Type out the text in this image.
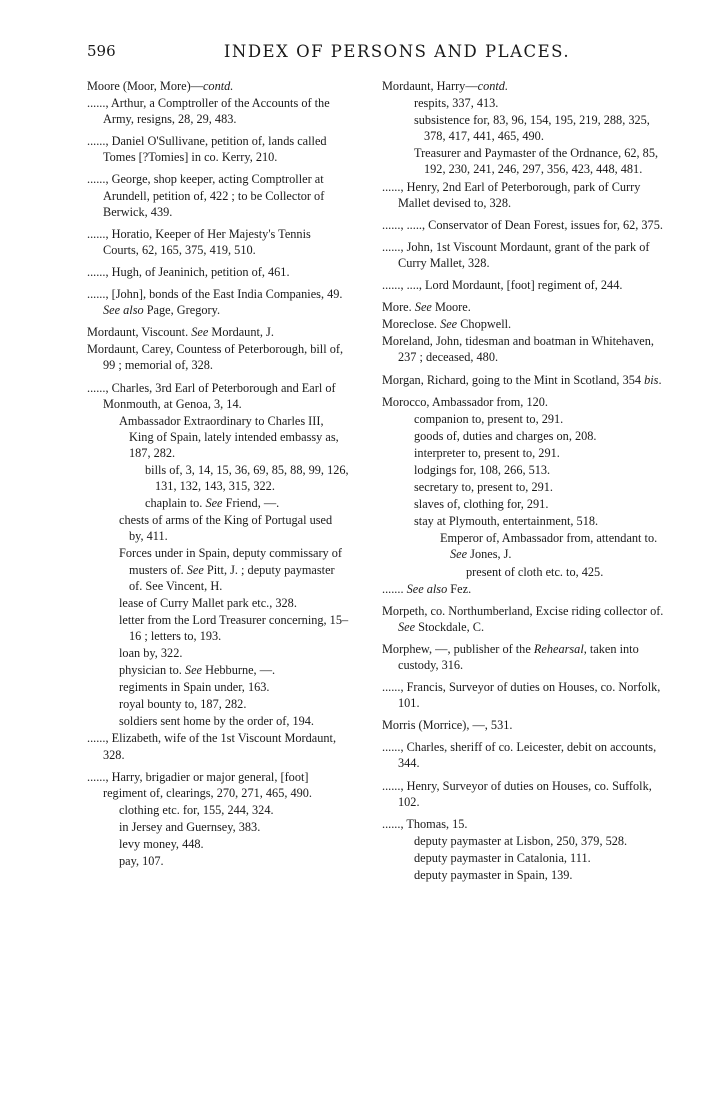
596	INDEX OF PERSONS AND PLACES.
Moore (Moor, More)—contd.
......, Arthur, a Comptroller of the Accounts of the Army, resigns, 28, 29, 483.
......, Daniel O'Sullivane, petition of, lands called Tomes [?Tomies] in co. Kerry, 210.
......, George, shop keeper, acting Comptroller at Arundell, petition of, 422 ; to be Collector of Berwick, 439.
......, Horatio, Keeper of Her Majesty's Tennis Courts, 62, 165, 375, 419, 510.
......, Hugh, of Jeaninich, petition of, 461.
......, [John], bonds of the East India Companies, 49. See also Page, Gregory.
Mordaunt, Viscount. See Mordaunt, J.
Mordaunt, Carey, Countess of Peterborough, bill of, 99 ; memorial of, 328.
......, Charles, 3rd Earl of Peterborough and Earl of Monmouth, at Genoa, 3, 14.
Ambassador Extraordinary to Charles III, King of Spain, lately intended embassy as, 187, 282.
bills of, 3, 14, 15, 36, 69, 85, 88, 99, 126, 131, 132, 143, 315, 322.
chaplain to. See Friend, —.
chests of arms of the King of Portugal used by, 411.
Forces under in Spain, deputy commissary of musters of. See Pitt, J. ; deputy paymaster of. See Vincent, H.
lease of Curry Mallet park etc., 328.
letter from the Lord Treasurer concerning, 15–16 ; letters to, 193.
loan by, 322.
physician to. See Hebburne, —.
regiments in Spain under, 163.
royal bounty to, 187, 282.
soldiers sent home by the order of, 194.
......, Elizabeth, wife of the 1st Viscount Mordaunt, 328.
......, Harry, brigadier or major general, [foot] regiment of, clearings, 270, 271, 465, 490.
clothing etc. for, 155, 244, 324.
in Jersey and Guernsey, 383.
levy money, 448.
pay, 107.
Mordaunt, Harry—contd.
respits, 337, 413.
subsistence for, 83, 96, 154, 195, 219, 288, 325, 378, 417, 441, 465, 490.
Treasurer and Paymaster of the Ordnance, 62, 85, 192, 230, 241, 246, 297, 356, 423, 448, 481.
......, Henry, 2nd Earl of Peterborough, park of Curry Mallet devised to, 328.
......, ....., Conservator of Dean Forest, issues for, 62, 375.
......, John, 1st Viscount Mordaunt, grant of the park of Curry Mallet, 328.
......, ...., Lord Mordaunt, [foot] regiment of, 244.
More. See Moore.
Moreclose. See Chopwell.
Moreland, John, tidesman and boatman in Whitehaven, 237 ; deceased, 480.
Morgan, Richard, going to the Mint in Scotland, 354 bis.
Morocco, Ambassador from, 120.
companion to, present to, 291.
goods of, duties and charges on, 208.
interpreter to, present to, 291.
lodgings for, 108, 266, 513.
secretary to, present to, 291.
slaves of, clothing for, 291.
stay at Plymouth, entertainment, 518.
Emperor of, Ambassador from, attendant to. See Jones, J.
present of cloth etc. to, 425.
....... See also Fez.
Morpeth, co. Northumberland, Excise riding collector of. See Stockdale, C.
Morphew, —, publisher of the Rehearsal, taken into custody, 316.
......, Francis, Surveyor of duties on Houses, co. Norfolk, 101.
Morris (Morrice), —, 531.
......, Charles, sheriff of co. Leicester, debit on accounts, 344.
......, Henry, Surveyor of duties on Houses, co. Suffolk, 102.
......, Thomas, 15.
deputy paymaster at Lisbon, 250, 379, 528.
deputy paymaster in Catalonia, 111.
deputy paymaster in Spain, 139.
